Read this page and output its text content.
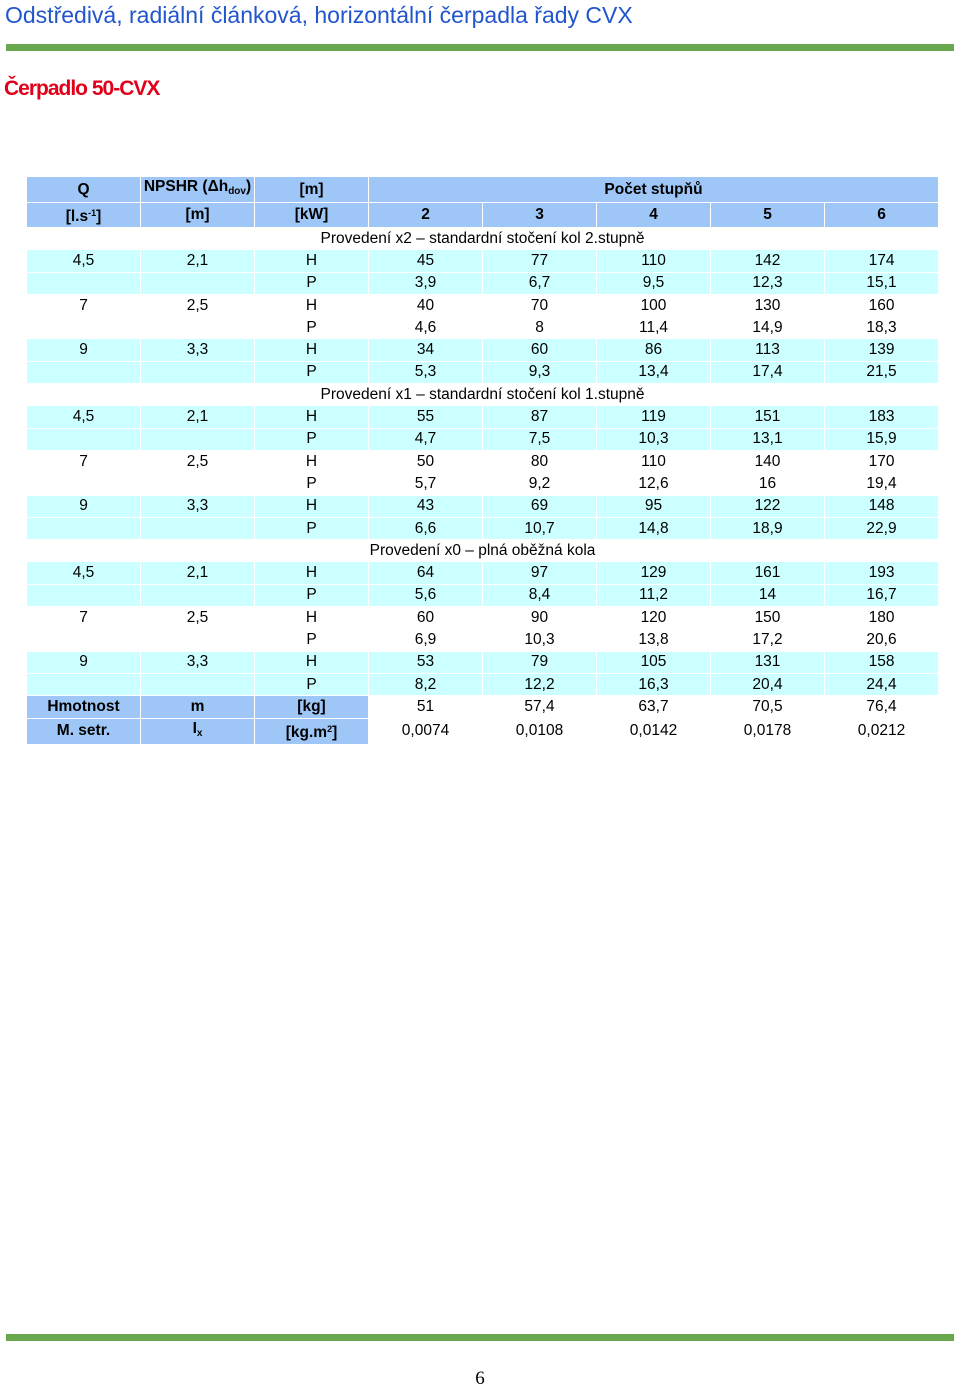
Odstředivá, radiální článková, horizontální čerpadla řady CVX
Čerpadlo 50-CVX
Q	NPSHR $(\Delta h_{dov})$	[m]	Počet stupňů				
$[l.s^{-1}]$	[m]	[kW]	2	3	4	5	6
Provedení x2 – standardní stočení kol 2.stupně							
4,5	2,1	H	45	77	110	142	174
		P	3,9	6,7	9,5	12,3	15,1
7	2,5	H	40	70	100	130	160
		P	4,6	8	11,4	14,9	18,3
9	3,3	H	34	60	86	113	139
		P	5,3	9,3	13,4	17,4	21,5
Provedení x1 – standardní stočení kol 1.stupně							
4,5	2,1	H	55	87	119	151	183
		P	4,7	7,5	10,3	13,1	15,9
7	2,5	H	50	80	110	140	170
		P	5,7	9,2	12,6	16	19,4
9	3,3	H	43	69	95	122	148
		P	6,6	10,7	14,8	18,9	22,9
Provedení x0 – plná oběžná kola							
4,5	2,1	H	64	97	129	161	193
		P	5,6	8,4	11,2	14	16,7
7	2,5	H	60	90	120	150	180
		P	6,9	10,3	13,8	17,2	20,6
9	3,3	H	53	79	105	131	158
		P	8,2	12,2	16,3	20,4	24,4
Hmotnost	m	[kg]	51	57,4	63,7	70,5	76,4
M. setr.	$I_x$	$[kg.m^2]$	0,0074	0,0108	0,0142	0,0178	0,0212
6
